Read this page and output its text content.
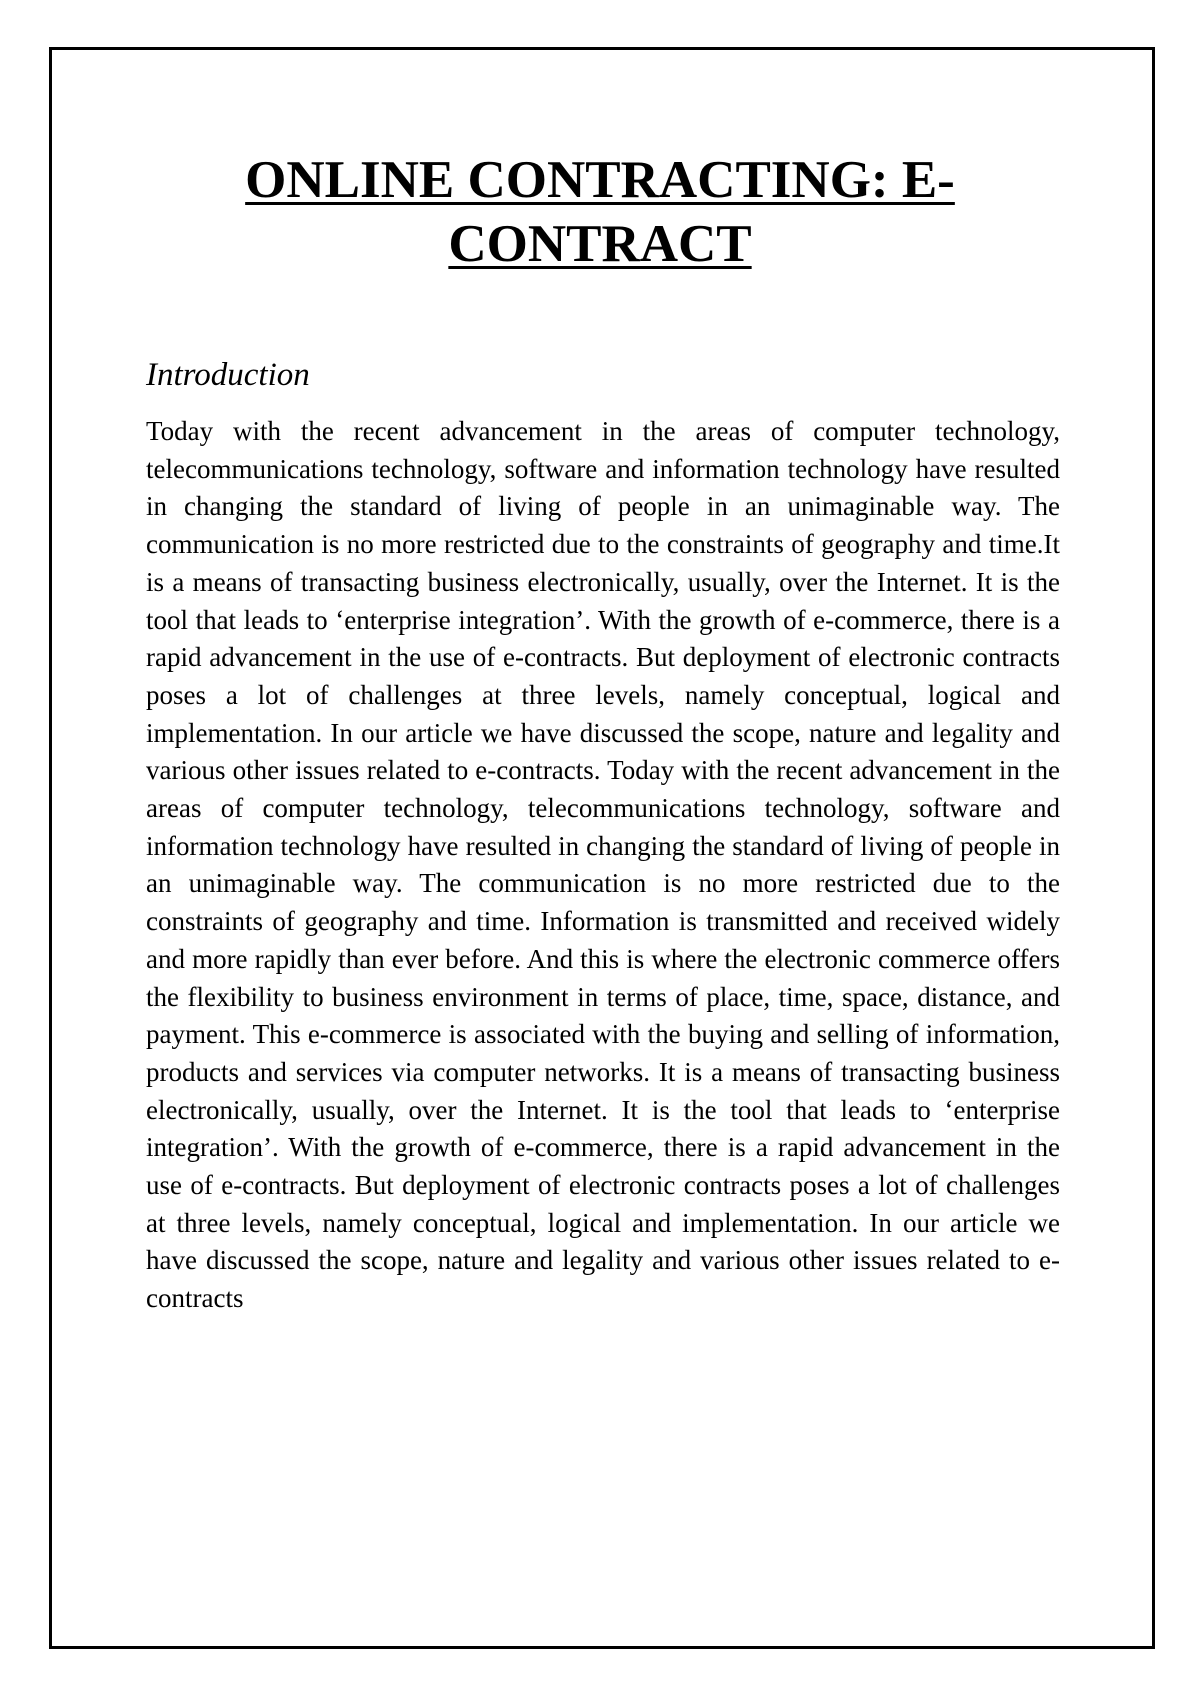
ONLINE CONTRACTING: E-CONTRACT
Introduction

Today with the recent advancement in the areas of computer technology, telecommunications technology, software and information technology have resulted in changing the standard of living of people in an unimaginable way. The communication is no more restricted due to the constraints of geography and time.It is a means of transacting business electronically, usually, over the Internet. It is the tool that leads to ‘enterprise integration’. With the growth of e-commerce, there is a rapid advancement in the use of e-contracts. But deployment of electronic contracts poses a lot of challenges at three levels, namely conceptual, logical and implementation. In our article we have discussed the scope, nature and legality and various other issues related to e-contracts. Today with the recent advancement in the areas of computer technology, telecommunications technology, software and information technology have resulted in changing the standard of living of people in an unimaginable way. The communication is no more restricted due to the constraints of geography and time. Information is transmitted and received widely and more rapidly than ever before. And this is where the electronic commerce offers the flexibility to business environment in terms of place, time, space, distance, and payment. This e-commerce is associated with the buying and selling of information, products and services via computer networks. It is a means of transacting business electronically, usually, over the Internet. It is the tool that leads to ‘enterprise integration’. With the growth of e-commerce, there is a rapid advancement in the use of e-contracts. But deployment of electronic contracts poses a lot of challenges at three levels, namely conceptual, logical and implementation. In our article we have discussed the scope, nature and legality and various other issues related to e-contracts
